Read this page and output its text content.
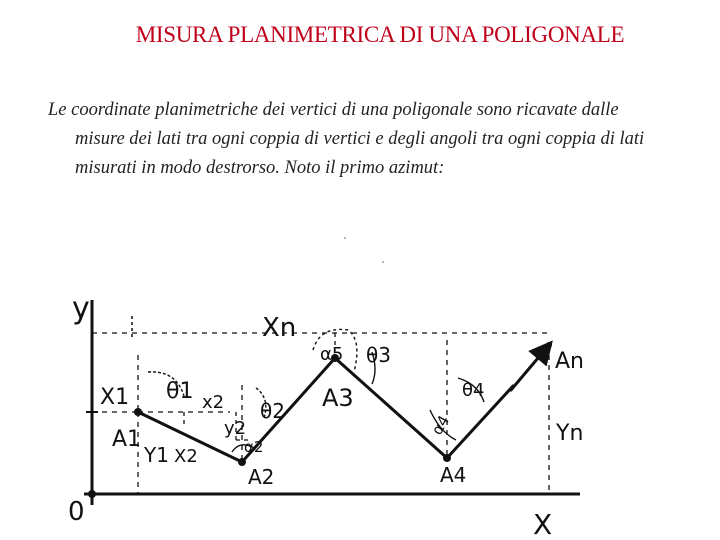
MISURA PLANIMETRICA DI UNA POLIGONALE
Le coordinate planimetriche dei vertici di una poligonale sono ricavate dalle
misure dei lati tra ogni coppia di vertici e degli angoli tra ogni coppia di lati
misurati in modo destrorso. Noto il primo azimut:
y
0	X
Xn
X1
A1
Y1 X2
x2
y2
θ1
θ2
α2
A2
α5 θ3
A3	θ4
α4
A4
An
Yn
